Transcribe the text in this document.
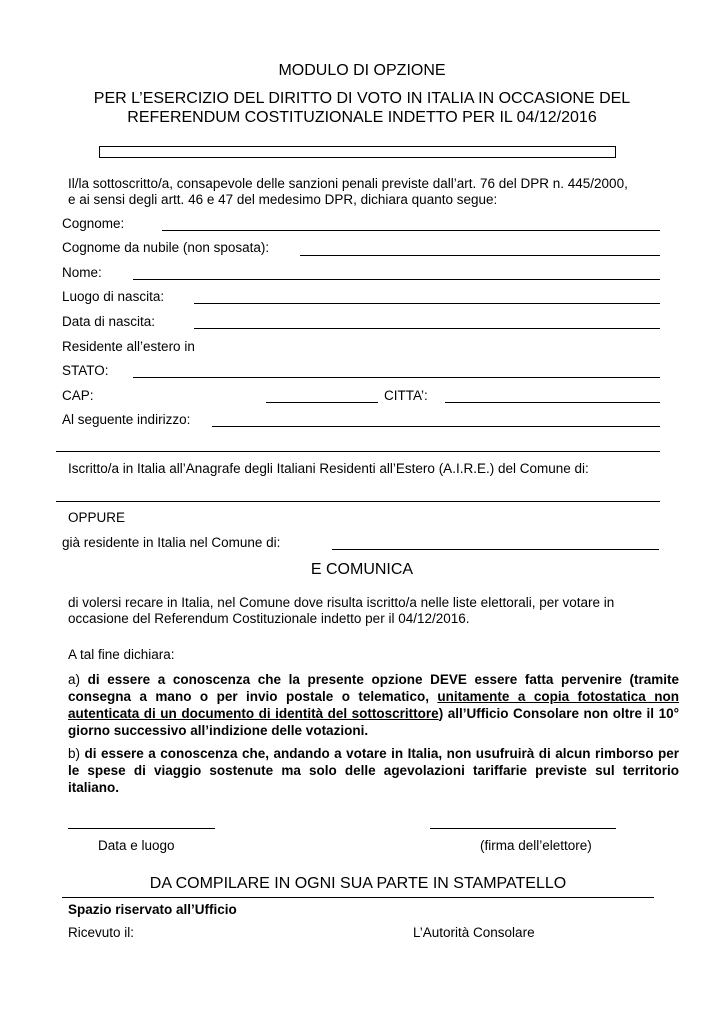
MODULO DI OPZIONE
PER L’ESERCIZIO DEL DIRITTO DI VOTO IN ITALIA IN OCCASIONE DEL
REFERENDUM COSTITUZIONALE INDETTO PER IL 04/12/2016
Il/la sottoscritto/a, consapevole delle sanzioni penali previste dall’art. 76 del DPR n. 445/2000,
e ai sensi degli artt. 46 e 47 del medesimo DPR, dichiara quanto segue:
Cognome:
Cognome da nubile (non sposata):
Nome:
Luogo di nascita:
Data di nascita:
Residente all’estero in
STATO:
CAP:	CITTA’:
Al seguente indirizzo:
Iscritto/a in Italia all’Anagrafe degli Italiani Residenti all’Estero (A.I.R.E.) del Comune di:
OPPURE
già residente in Italia nel Comune di:
E COMUNICA
di volersi recare in Italia, nel Comune dove risulta iscritto/a nelle liste elettorali, per votare in
occasione del Referendum Costituzionale indetto per il 04/12/2016.
A tal fine dichiara:
a) di essere a conoscenza che la presente opzione DEVE essere fatta pervenire (tramite consegna a mano o per invio postale o telematico, unitamente a copia fotostatica non autenticata di un documento di identità del sottoscrittore) all’Ufficio Consolare non oltre il 10° giorno successivo all’indizione delle votazioni.
b) di essere a conoscenza che, andando a votare in Italia, non usufruirà di alcun rimborso per le spese di viaggio sostenute ma solo delle agevolazioni tariffarie previste sul territorio italiano.
Data e luogo	(firma dell’elettore)
DA COMPILARE IN OGNI SUA PARTE IN STAMPATELLO
Spazio riservato all’Ufficio
Ricevuto il:	L’Autorità Consolare
